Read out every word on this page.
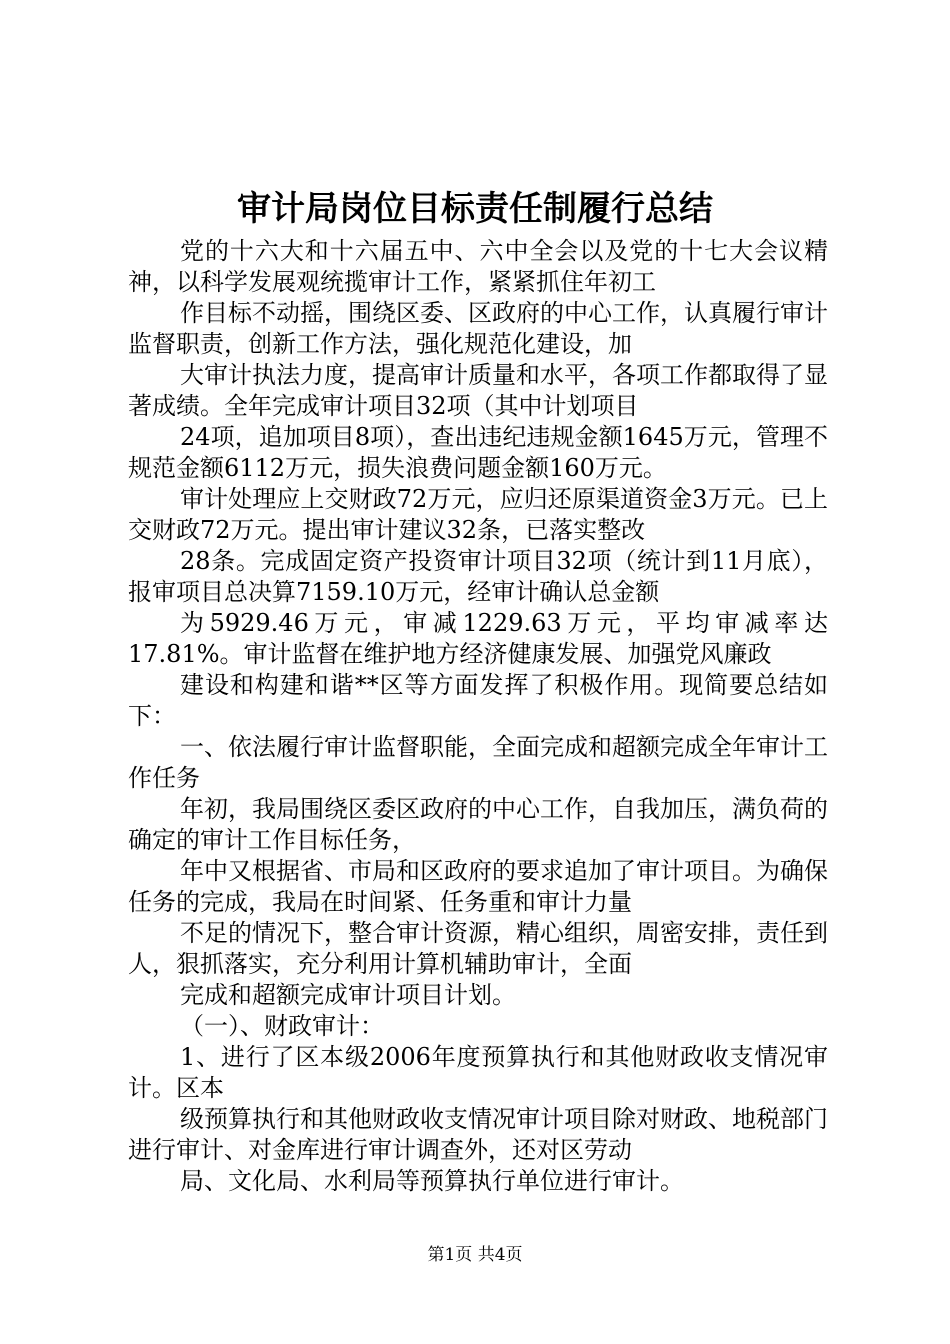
审计局岗位目标责任制履行总结

党的十六大和十六届五中、六中全会以及党的十七大会议精神，以科学发展观统揽审计工作，紧紧抓住年初工

作目标不动摇，围绕区委、区政府的中心工作，认真履行审计监督职责，创新工作方法，强化规范化建设，加

大审计执法力度，提高审计质量和水平，各项工作都取得了显著成绩。全年完成审计项目32项（其中计划项目

24项，追加项目8项），查出违纪违规金额1645万元，管理不规范金额6112万元，损失浪费问题金额160万元。

审计处理应上交财政72万元，应归还原渠道资金3万元。已上交财政72万元。提出审计建议32条，已落实整改

28条。完成固定资产投资审计项目32项（统计到11月底），报审项目总决算7159.10万元，经审计确认总金额

为5929.46万元，审减1229.63万元，平均审减率达17.81%。审计监督在维护地方经济健康发展、加强党风廉政

建设和构建和谐**区等方面发挥了积极作用。现简要总结如下：

一、依法履行审计监督职能，全面完成和超额完成全年审计工作任务

年初，我局围绕区委区政府的中心工作，自我加压，满负荷的确定的审计工作目标任务，

年中又根据省、市局和区政府的要求追加了审计项目。为确保任务的完成，我局在时间紧、任务重和审计力量

不足的情况下，整合审计资源，精心组织，周密安排，责任到人，狠抓落实，充分利用计算机辅助审计，全面

完成和超额完成审计项目计划。

（一）、财政审计：

1、进行了区本级2006年度预算执行和其他财政收支情况审计。区本

级预算执行和其他财政收支情况审计项目除对财政、地税部门进行审计、对金库进行审计调查外，还对区劳动

局、文化局、水利局等预算执行单位进行审计。

第1页 共4页
